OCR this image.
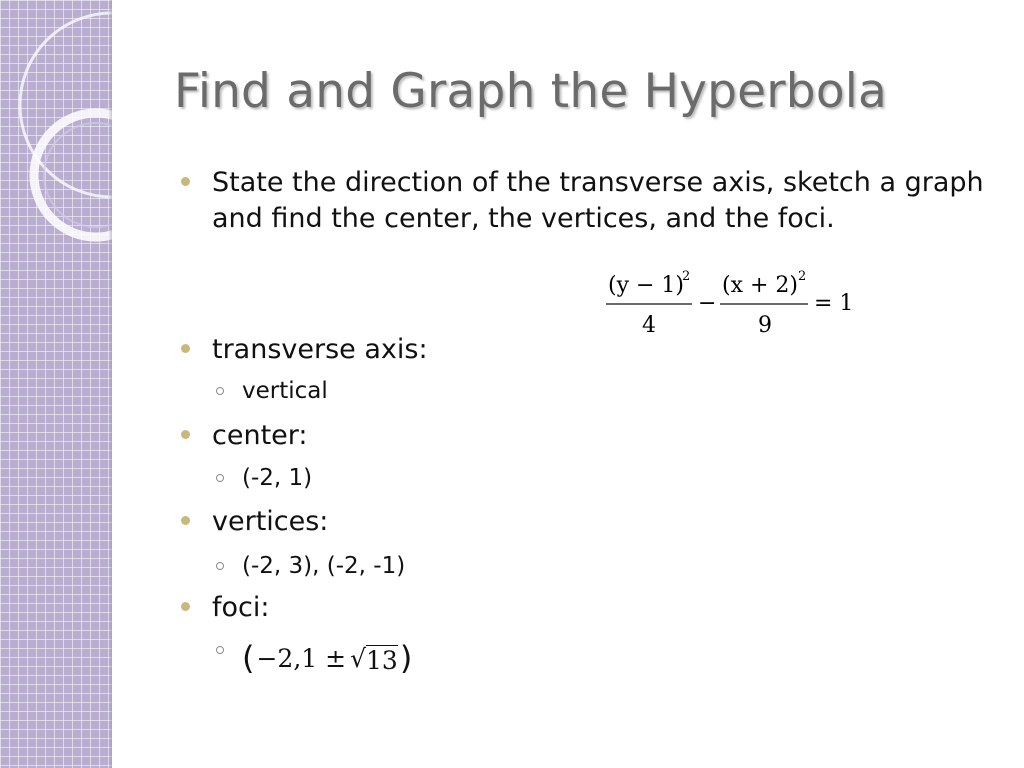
Find and Graph the Hyperbola
State the direction of the transverse axis, sketch a graph and find the center, the vertices, and the foci.
(y − 1)
2
4
−
(x + 2) 2
9
= 1
transverse axis:
vertical
center:
(-2, 1)
vertices:
(-2, 3), (-2, -1)
foci:
( −2,1 ± √ 13 )
